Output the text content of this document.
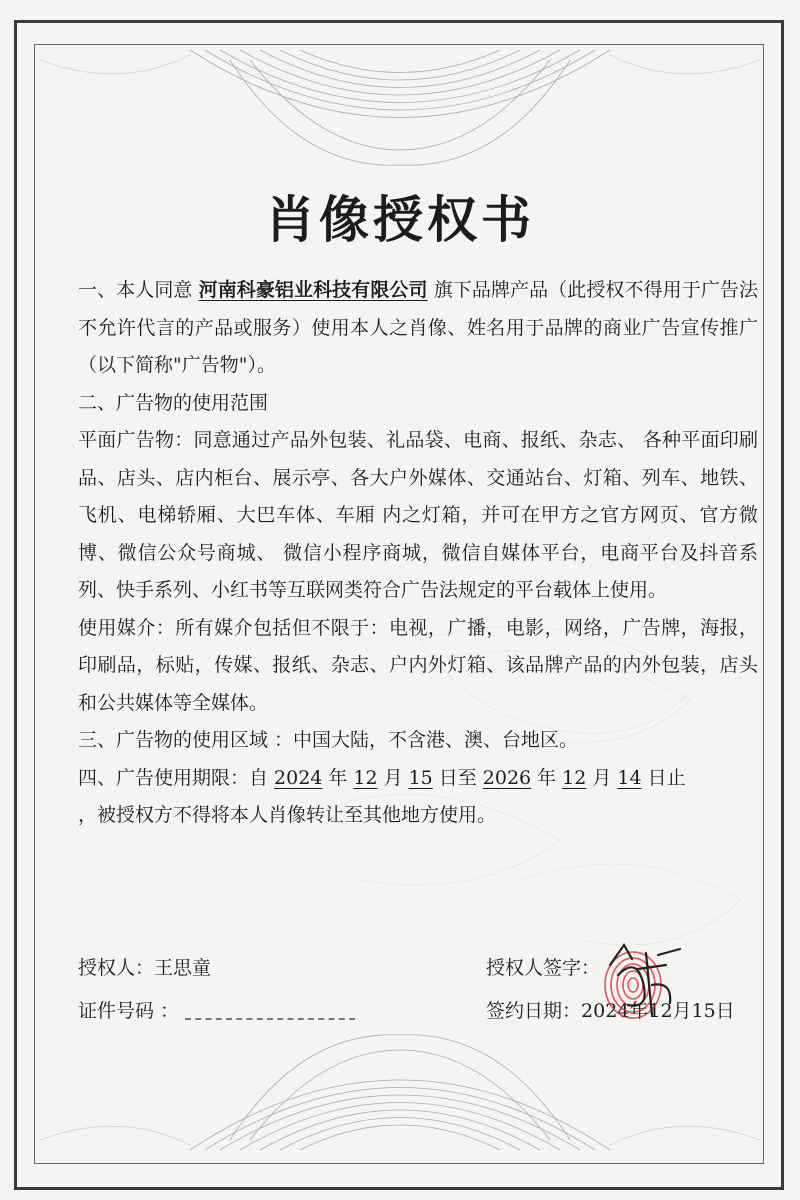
肖像授权书

一、本人同意 河南科豪铝业科技有限公司 旗下品牌产品（此授权不得用于广告法不允许代言的产品或服务）使用本人之肖像、姓名用于品牌的商业广告宣传推广（以下简称"广告物"）。

二、广告物的使用范围

平面广告物：同意通过产品外包装、礼品袋、电商、报纸、杂志、 各种平面印刷品、店头、店内柜台、展示亭、各大户外媒体、交通站台、灯箱、列车、地铁、飞机、电梯轿厢、大巴车体、车厢 内之灯箱，并可在甲方之官方网页、官方微博、微信公众号商城、 微信小程序商城，微信自媒体平台，电商平台及抖音系列、快手系列、小红书等互联网类符合广告法规定的平台载体上使用。

使用媒介：所有媒介包括但不限于：电视，广播，电影，网络，广告牌，海报，印刷品，标贴，传媒、报纸、杂志、户内外灯箱、该品牌产品的内外包装，店头和公共媒体等全媒体。

三、广告物的使用区域 ：中国大陆，不含港、澳、台地区。

四、广告使用期限：自 2024 年 12 月 15 日至 2026 年 12 月 14 日止

，被授权方不得将本人肖像转让至其他地方使用。

授权人：王思童	授权人签字：
证件号码 ：	签约日期：2024年12月15日
